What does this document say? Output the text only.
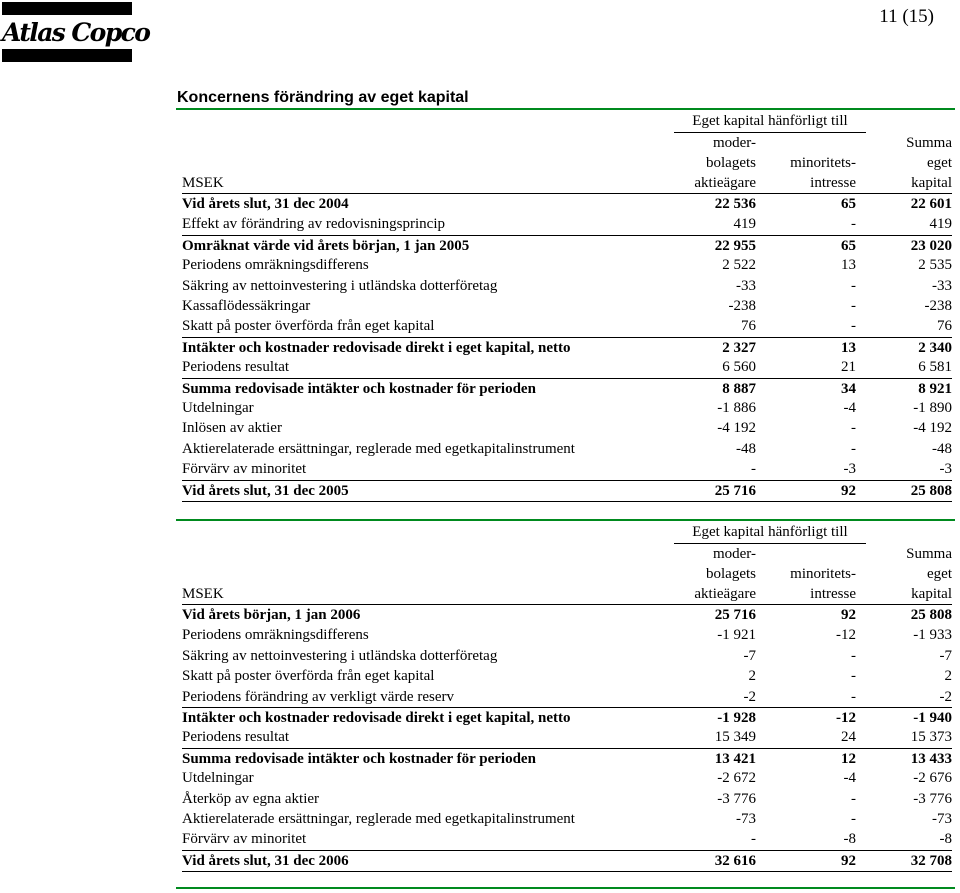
Atlas Copco
11 (15)
Koncernens förändring av eget kapital
Eget kapital hänförligt till
moder-
bolagets
aktieägare
minoritets-
intresse
Summa
eget
kapital
MSEK
Vid årets slut, 31 dec 2004	22 536	65	22 601
Effekt av förändring av redovisningsprincip	419	-	419
Omräknat värde vid årets början, 1 jan 2005	22 955	65	23 020
Periodens omräkningsdifferens	2 522	13	2 535
Säkring av nettoinvestering i utländska dotterföretag	-33	-	-33
Kassaflödessäkringar	-238	-	-238
Skatt på poster överförda från eget kapital	76	-	76
Intäkter och kostnader redovisade direkt i eget kapital, netto	2 327	13	2 340
Periodens resultat	6 560	21	6 581
Summa redovisade intäkter och kostnader för perioden	8 887	34	8 921
Utdelningar	-1 886	-4	-1 890
Inlösen av aktier	-4 192	-	-4 192
Aktierelaterade ersättningar, reglerade med egetkapitalinstrument	-48	-	-48
Förvärv av minoritet	-	-3	-3
Vid årets slut, 31 dec 2005	25 716	92	25 808
Eget kapital hänförligt till
moder-
bolagets
aktieägare
minoritets-
intresse
Summa
eget
kapital
MSEK
Vid årets början, 1 jan 2006	25 716	92	25 808
Periodens omräkningsdifferens	-1 921	-12	-1 933
Säkring av nettoinvestering i utländska dotterföretag	-7	-	-7
Skatt på poster överförda från eget kapital	2	-	2
Periodens förändring av verkligt värde reserv	-2	-	-2
Intäkter och kostnader redovisade direkt i eget kapital, netto	-1 928	-12	-1 940
Periodens resultat	15 349	24	15 373
Summa redovisade intäkter och kostnader för perioden	13 421	12	13 433
Utdelningar	-2 672	-4	-2 676
Återköp av egna aktier	-3 776	-	-3 776
Aktierelaterade ersättningar, reglerade med egetkapitalinstrument	-73	-	-73
Förvärv av minoritet	-	-8	-8
Vid årets slut, 31 dec 2006	32 616	92	32 708
